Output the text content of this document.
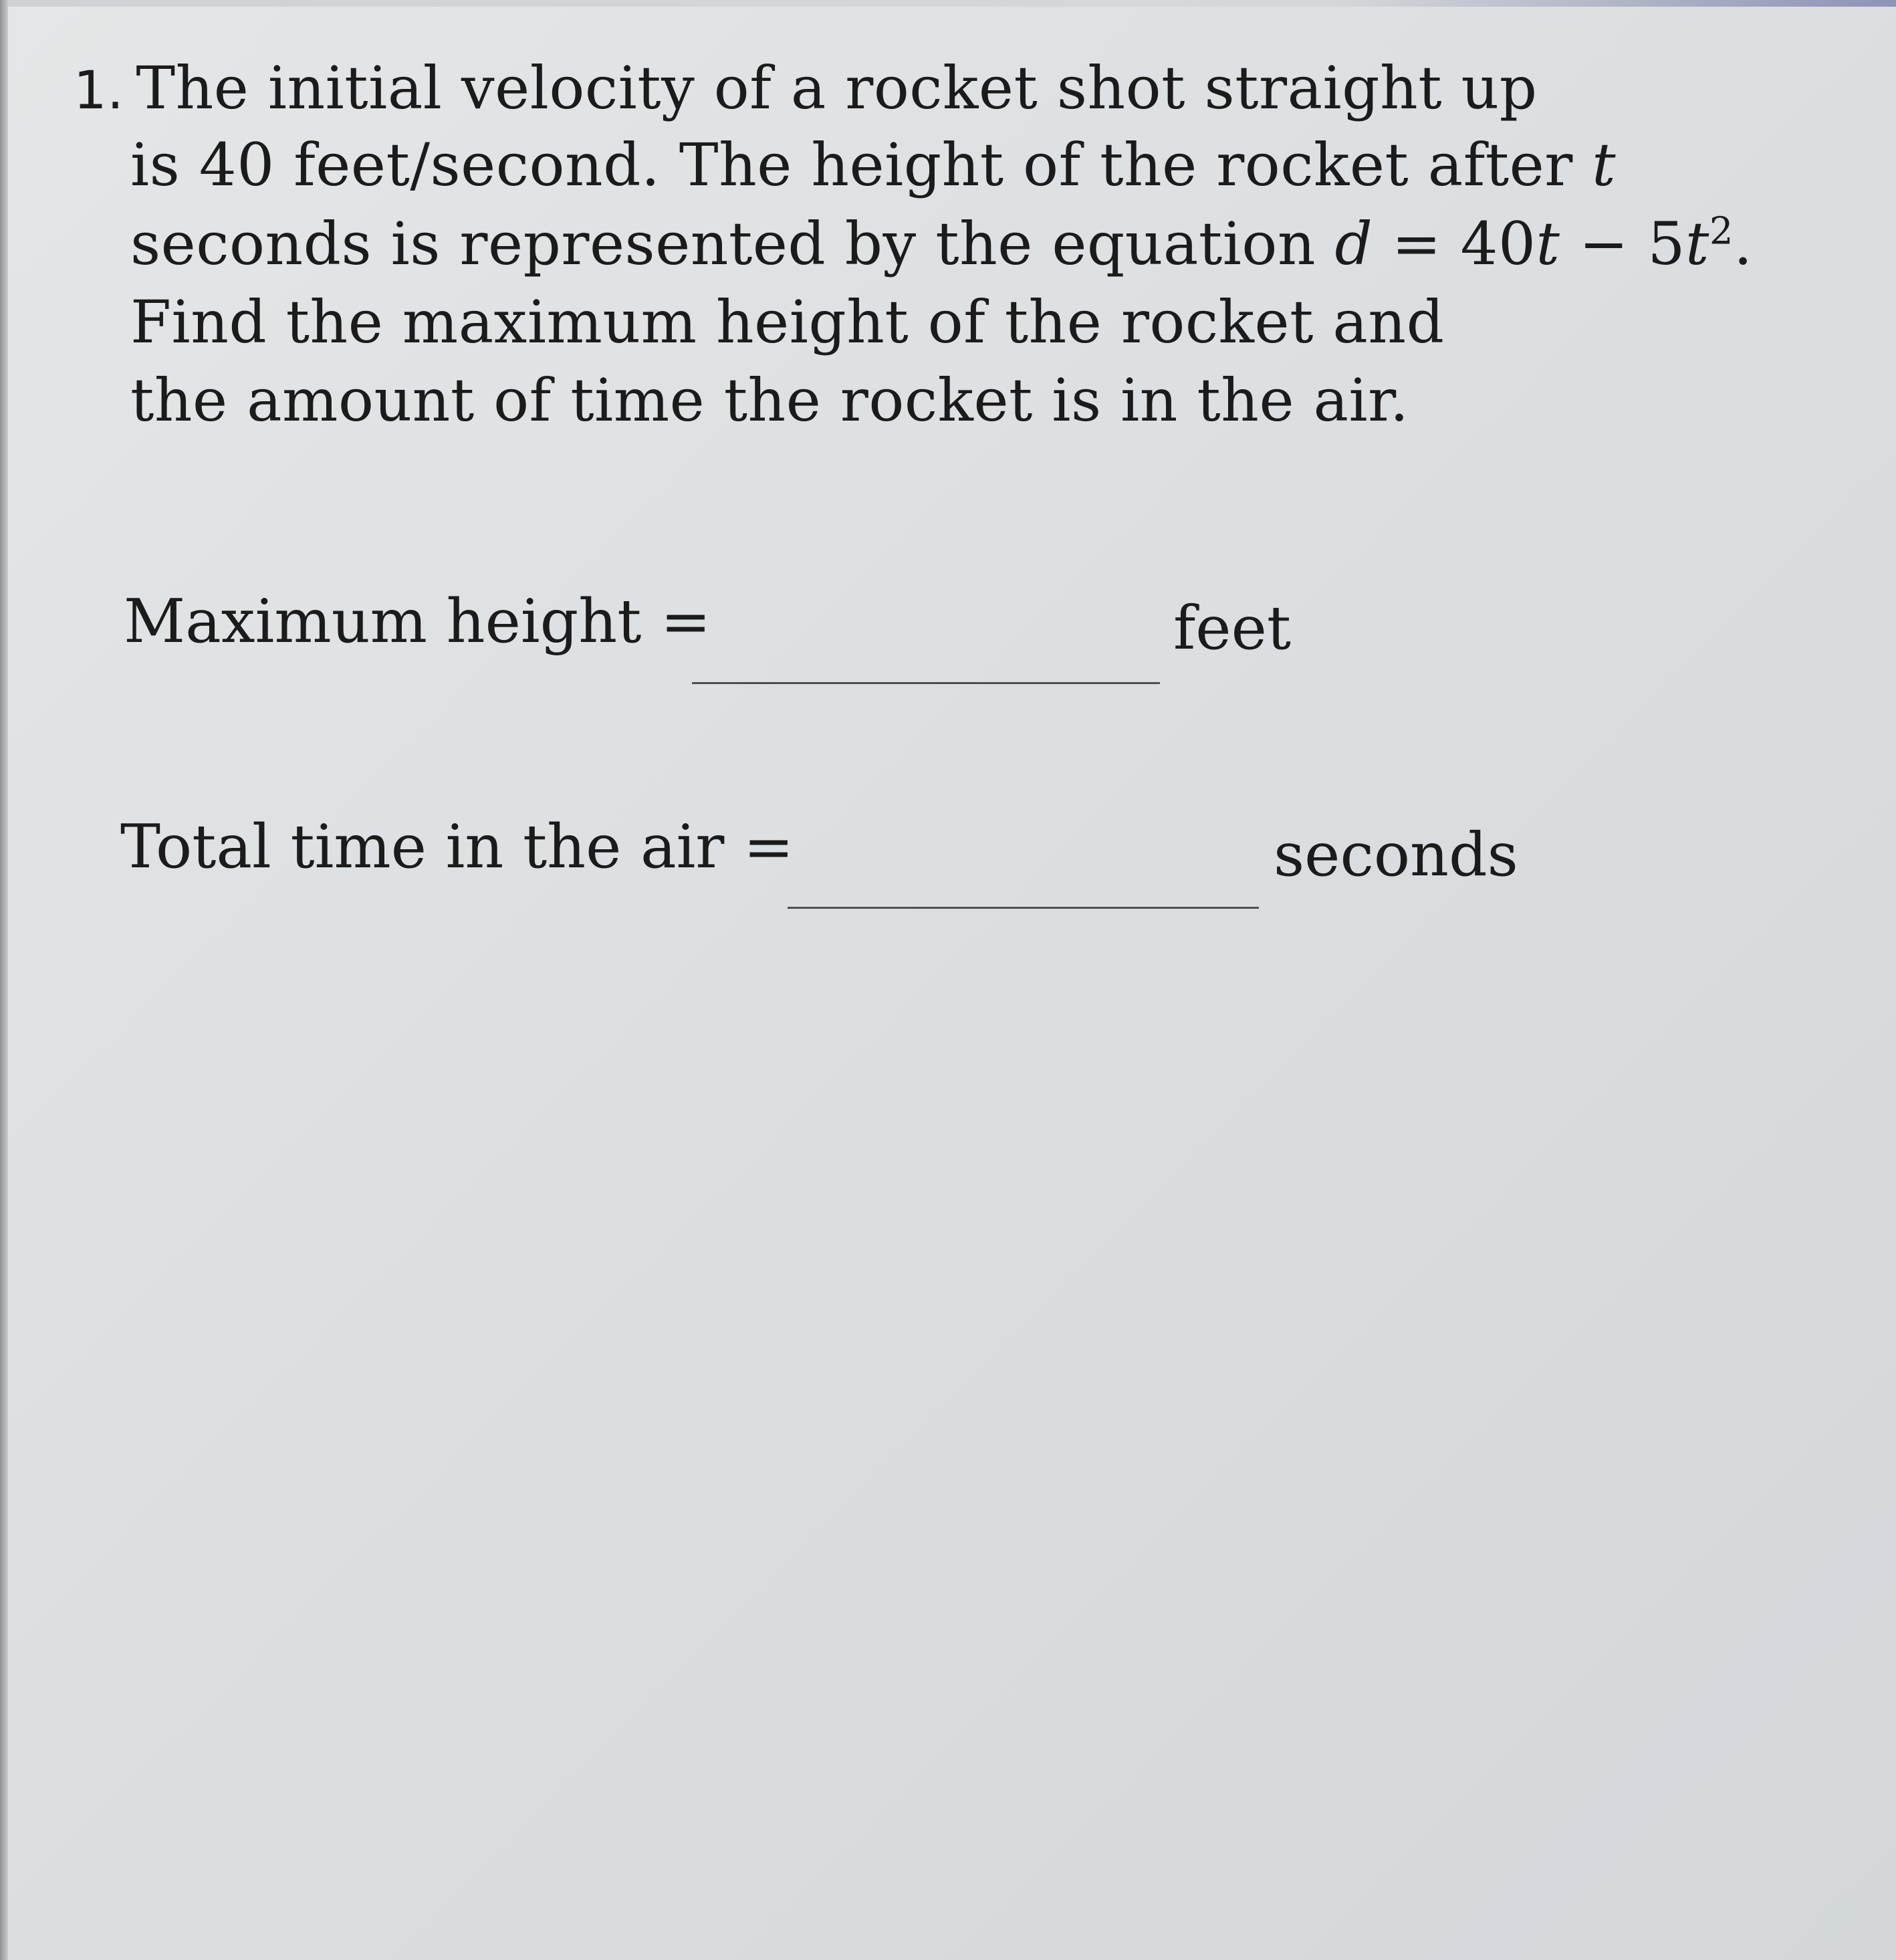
1. The initial velocity of a rocket shot straight up
is 40 feet/second. The height of the rocket after t
seconds is represented by the equation $d = 40t - 5t^2$.
Find the maximum height of the rocket and
the amount of time the rocket is in the air.
Maximum height =	feet
Total time in the air =	seconds
